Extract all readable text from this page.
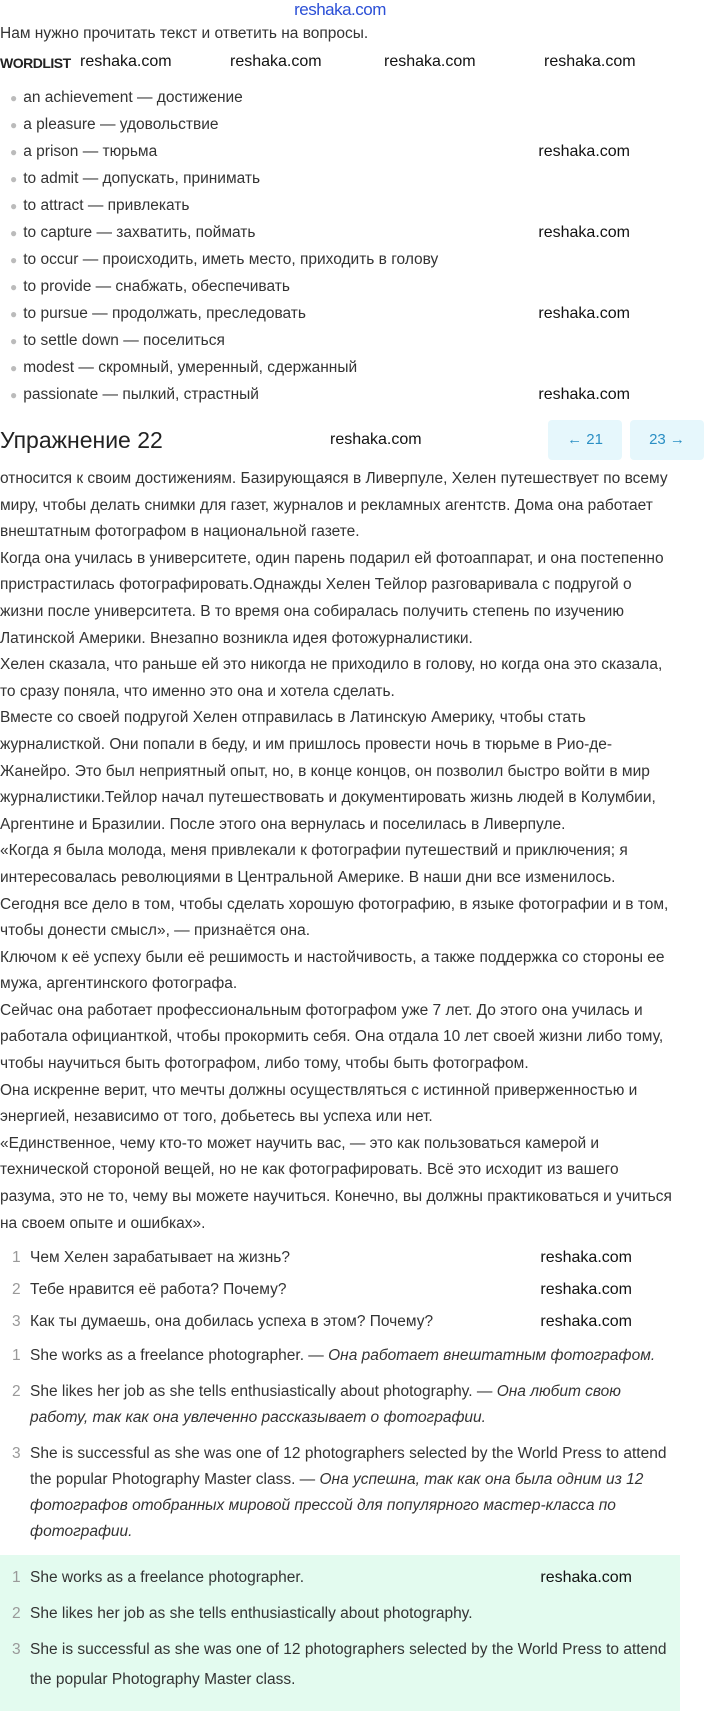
reshaka.com
Нам нужно прочитать текст и ответить на вопросы.
WORDLIST reshaka.com	reshaka.com	reshaka.com	reshaka.com
● an achievement — достижение
● a pleasure — удовольствие
● a prison — тюрьма	reshaka.com
● to admit — допускать, принимать
● to attract — привлекать
● to capture — захватить, поймать	reshaka.com
● to occur — происходить, иметь место, приходить в голову
● to provide — снабжать, обеспечивать
● to pursue — продолжать, преследовать	reshaka.com
● to settle down — поселиться
● modest — скромный, умеренный, сдержанный
● passionate — пылкий, страстный	reshaka.com
Упражнение 22	reshaka.com	← 21	23 →

относится к своим достижениям. Базирующаяся в Ливерпуле, Хелен путешествует по всему миру, чтобы делать снимки для газет, журналов и рекламных агентств. Дома она работает внештатным фотографом в национальной газете.

Когда она училась в университете, один парень подарил ей фотоаппарат, и она постепенно пристрастилась фотографировать.Однажды Хелен Тейлор разговаривала с подругой о жизни после университета. В то время она собиралась получить степень по изучению Латинской Америки. Внезапно возникла идея фотожурналистики.

Хелен сказала, что раньше ей это никогда не приходило в голову, но когда она это сказала, то сразу поняла, что именно это она и хотела сделать.

Вместе со своей подругой Хелен отправилась в Латинскую Америку, чтобы стать журналисткой. Они попали в беду, и им пришлось провести ночь в тюрьме в Рио-де-Жанейро. Это был неприятный опыт, но, в конце концов, он позволил быстро войти в мир журналистики.Тейлор начал путешествовать и документировать жизнь людей в Колумбии, Аргентине и Бразилии. После этого она вернулась и поселилась в Ливерпуле.

«Когда я была молода, меня привлекали к фотографии путешествий и приключения; я интересовалась революциями в Центральной Америке. В наши дни все изменилось. Сегодня все дело в том, чтобы сделать хорошую фотографию, в языке фотографии и в том, чтобы донести смысл», — признаётся она.

Ключом к её успеху были её решимость и настойчивость, а также поддержка со стороны ее мужа, аргентинского фотографа.

Сейчас она работает профессиональным фотографом уже 7 лет. До этого она училась и работала официанткой, чтобы прокормить себя. Она отдала 10 лет своей жизни либо тому, чтобы научиться быть фотографом, либо тому, чтобы быть фотографом.

Она искренне верит, что мечты должны осуществляться с истинной приверженностью и энергией, независимо от того, добьетесь вы успеха или нет.

«Единственное, чему кто-то может научить вас, — это как пользоваться камерой и технической стороной вещей, но не как фотографировать. Всё это исходит из вашего разума, это не то, чему вы можете научиться. Конечно, вы должны практиковаться и учиться на своем опыте и ошибках».

1 Чем Хелен зарабатывает на жизнь?	reshaka.com
2 Тебе нравится её работа? Почему?	reshaka.com
3 Как ты думаешь, она добилась успеха в этом? Почему?	reshaka.com
1 She works as a freelance photographer. — Она работает внештатным фотографом.
2 She likes her job as she tells enthusiastically about photography. — Она любит свою работу, так как она увлеченно рассказывает о фотографии.
3 She is successful as she was one of 12 photographers selected by the World Press to attend the popular Photography Master class. — Она успешна, так как она была одним из 12 фотографов отобранных мировой прессой для популярного мастер-класса по фотографии.
1 She works as a freelance photographer.	reshaka.com
2 She likes her job as she tells enthusiastically about photography.
3 She is successful as she was one of 12 photographers selected by the World Press to attend the popular Photography Master class.
